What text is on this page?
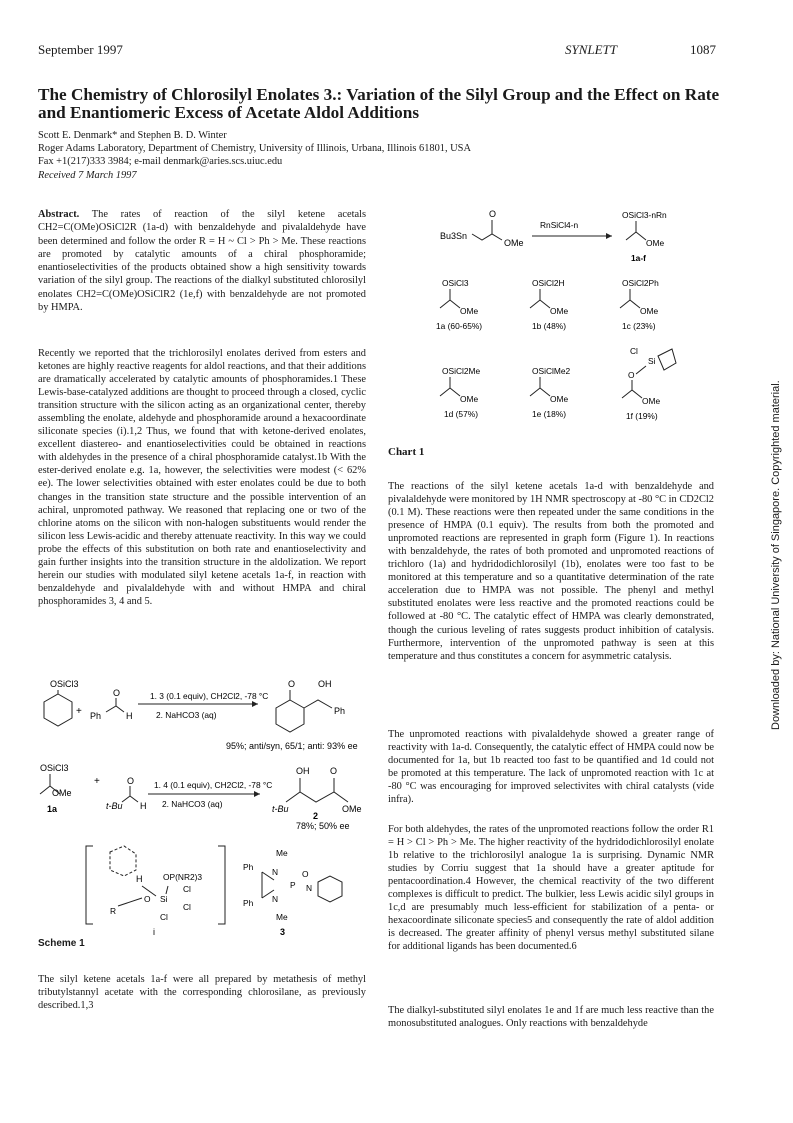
September 1997	SYNLETT	1087
The Chemistry of Chlorosilyl Enolates 3.: Variation of the Silyl Group and the Effect on Rate and Enantiomeric Excess of Acetate Aldol Additions
Scott E. Denmark* and Stephen B. D. Winter
Roger Adams Laboratory, Department of Chemistry, University of Illinois, Urbana, Illinois 61801, USA
Fax +1(217)333 3984; e-mail denmark@aries.scs.uiuc.edu
Received 7 March 1997
Abstract. The rates of reaction of the silyl ketene acetals CH2=C(OMe)OSiCl2R (1a-d) with benzaldehyde and pivalaldehyde have been determined and follow the order R = H ~ Cl > Ph > Me. These reactions are promoted by catalytic amounts of a chiral phosphoramide; enantioselectivities of the products obtained show a high sensitivity towards variation of the silyl group. The reactions of the dialkyl substituted chlorosilyl enolates CH2=C(OMe)OSiClR2 (1e,f) with benzaldehyde are not promoted by HMPA.

Recently we reported that the trichlorosilyl enolates derived from esters and ketones are highly reactive reagents for aldol reactions, and that their additions are dramatically accelerated by catalytic amounts of phosphoramides.1 These Lewis-base-catalyzed additions are thought to proceed through a closed, cyclic transition structure with the silicon acting as an organizational center, thereby assembling the enolate, aldehyde and phosphoramide around a hexacoordinate siliconate species (i).1,2 Thus, we found that with ketone-derived enolates, excellent diastereo- and enantioselectivities could be obtained in reactions with aldehydes in the presence of a chiral phosphoramide catalyst.1b With the ester-derived enolate e.g. 1a, however, the selectivities were modest (< 62% ee). The lower selectivities obtained with ester enolates could be due to both changes in the transition state structure and the possible intervention of an achiral, unpromoted pathway. We reasoned that replacing one or two of the chlorine atoms on the silicon with non-halogen substituents would render the silicon less Lewis-acidic and thereby attenuate reactivity. In this way we could probe the effects of this substitution on both rate and enantioselectivity and gain further insights into the transition structure in the aldolization. We report herein our studies with modulated silyl ketene acetals 1a-f, in reaction with benzaldehyde and pivalaldehyde with and without HMPA and chiral phosphoramides 3, 4 and 5.

OSiCl3
+ Ph
O
H
1. 3 (0.1 equiv), CH2Cl2, -78 °C
2. NaHCO3 (aq)
O	OH
Ph
95%; anti/syn, 65/1; anti: 93% ee
OSiCl3
OMe
1a
+
t-Bu
O
H
1. 4 (0.1 equiv), CH2Cl2, -78 °C
2. NaHCO3 (aq)
OH O
t-Bu	OMe
2
78%; 50% ee
H OP(NR2)3
O Si
Cl
Cl
Cl
R
i
Me
Ph N
P
O
N
Ph N
Me
3
Scheme 1

The silyl ketene acetals 1a-f were all prepared by metathesis of methyl tributylstannyl acetate with the corresponding chlorosilane, as previously described.1,3

Bu3Sn
O
OMe
RnSiCl4-n
OSiCl3-nRn
OMe
1a-f
OSiCl3
OMe
1a (60-65%)
OSiCl2H
OMe
1b (48%)
OSiCl2Ph
OMe
1c (23%)
OSiCl2Me
OMe
1d (57%)
OSiClMe2
OMe
1e (18%)
Cl
Si
O
OMe
1f (19%)
Chart 1

The reactions of the silyl ketene acetals 1a-d with benzaldehyde and pivalaldehyde were monitored by 1H NMR spectroscopy at -80 °C in CD2Cl2 (0.1 M). These reactions were then repeated under the same conditions in the presence of HMPA (0.1 equiv). The results from both the promoted and unpromoted reactions are represented in graph form (Figure 1). In reactions with benzaldehyde, the rates of both promoted and unpromoted reactions of trichloro (1a) and hydridodichlorosilyl (1b), enolates were too fast to be monitored at this temperature and so a quantitative determination of the rate acceleration due to HMPA was not possible. The phenyl and methyl substituted enolates were less reactive and the promoted reactions could be followed at -80 °C. The catalytic effect of HMPA was clearly demonstrated, though the curious leveling of rates suggests product inhibition of catalysis. Furthermore, intervention of the unpromoted pathway is seen at this temperature and thus constitutes a concern for asymmetric catalysis.

The unpromoted reactions with pivalaldehyde showed a greater range of reactivity with 1a-d. Consequently, the catalytic effect of HMPA could now be documented for 1a, but 1b reacted too fast to be quantified and 1d could not be promoted at this temperature. The lack of unpromoted reaction with 1c at -80 °C was encouraging for improved selectivites with chiral catalysts (vide infra).

For both aldehydes, the rates of the unpromoted reactions follow the order R1 = H > Cl > Ph > Me. The higher reactivity of the hydridodichlorosilyl enolate 1b relative to the trichlorosilyl analogue 1a is surprising. Dynamic NMR studies by Corriu suggest that 1a should have a greater aptitude for pentacoordination.4 However, the chemical reactivity of the two different complexes is difficult to predict. The bulkier, less Lewis acidic silyl groups in 1c,d are presumably much less-efficient for stabilization of a penta- or hexacoordinate siliconate species5 and consequently the rate of aldol addition is decreased. The greater affinity of phenyl versus methyl substituted silane for additional ligands has been documented.6

The dialkyl-substituted silyl enolates 1e and 1f are much less reactive than the monosubstituted analogues. Only reactions with benzaldehyde

Downloaded by: National University of Singapore. Copyrighted material.
